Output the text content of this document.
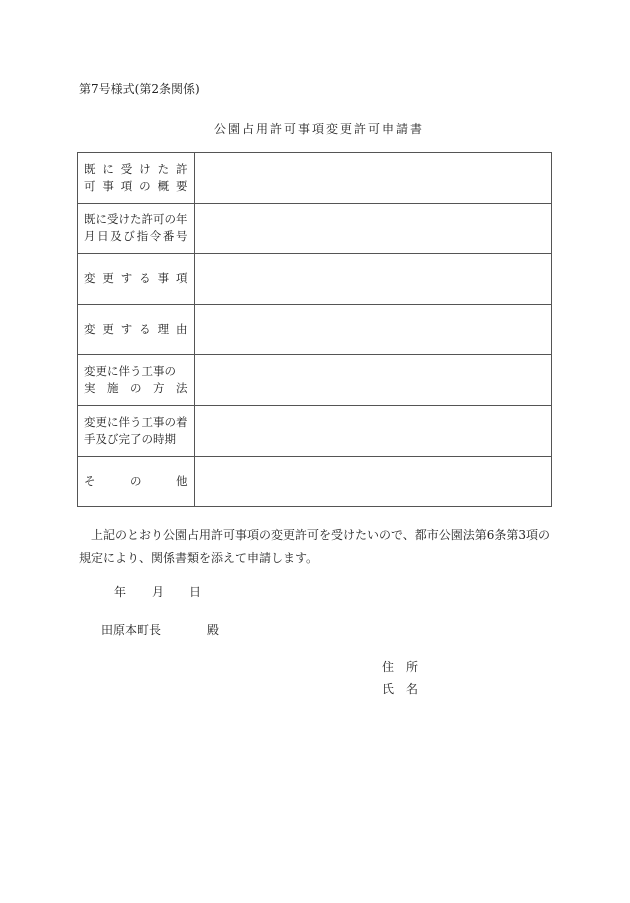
第7号様式(第2条関係)
公園占用許可事項変更許可申請書
既 に 受 け た 許
可 事 項 の 概 要

既に受けた許可の年
月 日 及 び 指 令 番 号

変 更 す る 事 項

変 更 す る 理 由

変更に伴う工事の
実 施 の 方 法

変更に伴う工事の着
手及び完了の時期	

そ の 他	

上記のとおり公園占用許可事項の変更許可を受けたいので、都市公園法第6条第3項の規定により、関係書類を添えて申請します。
年	月	日
田原本町長	殿
住 所
氏 名
